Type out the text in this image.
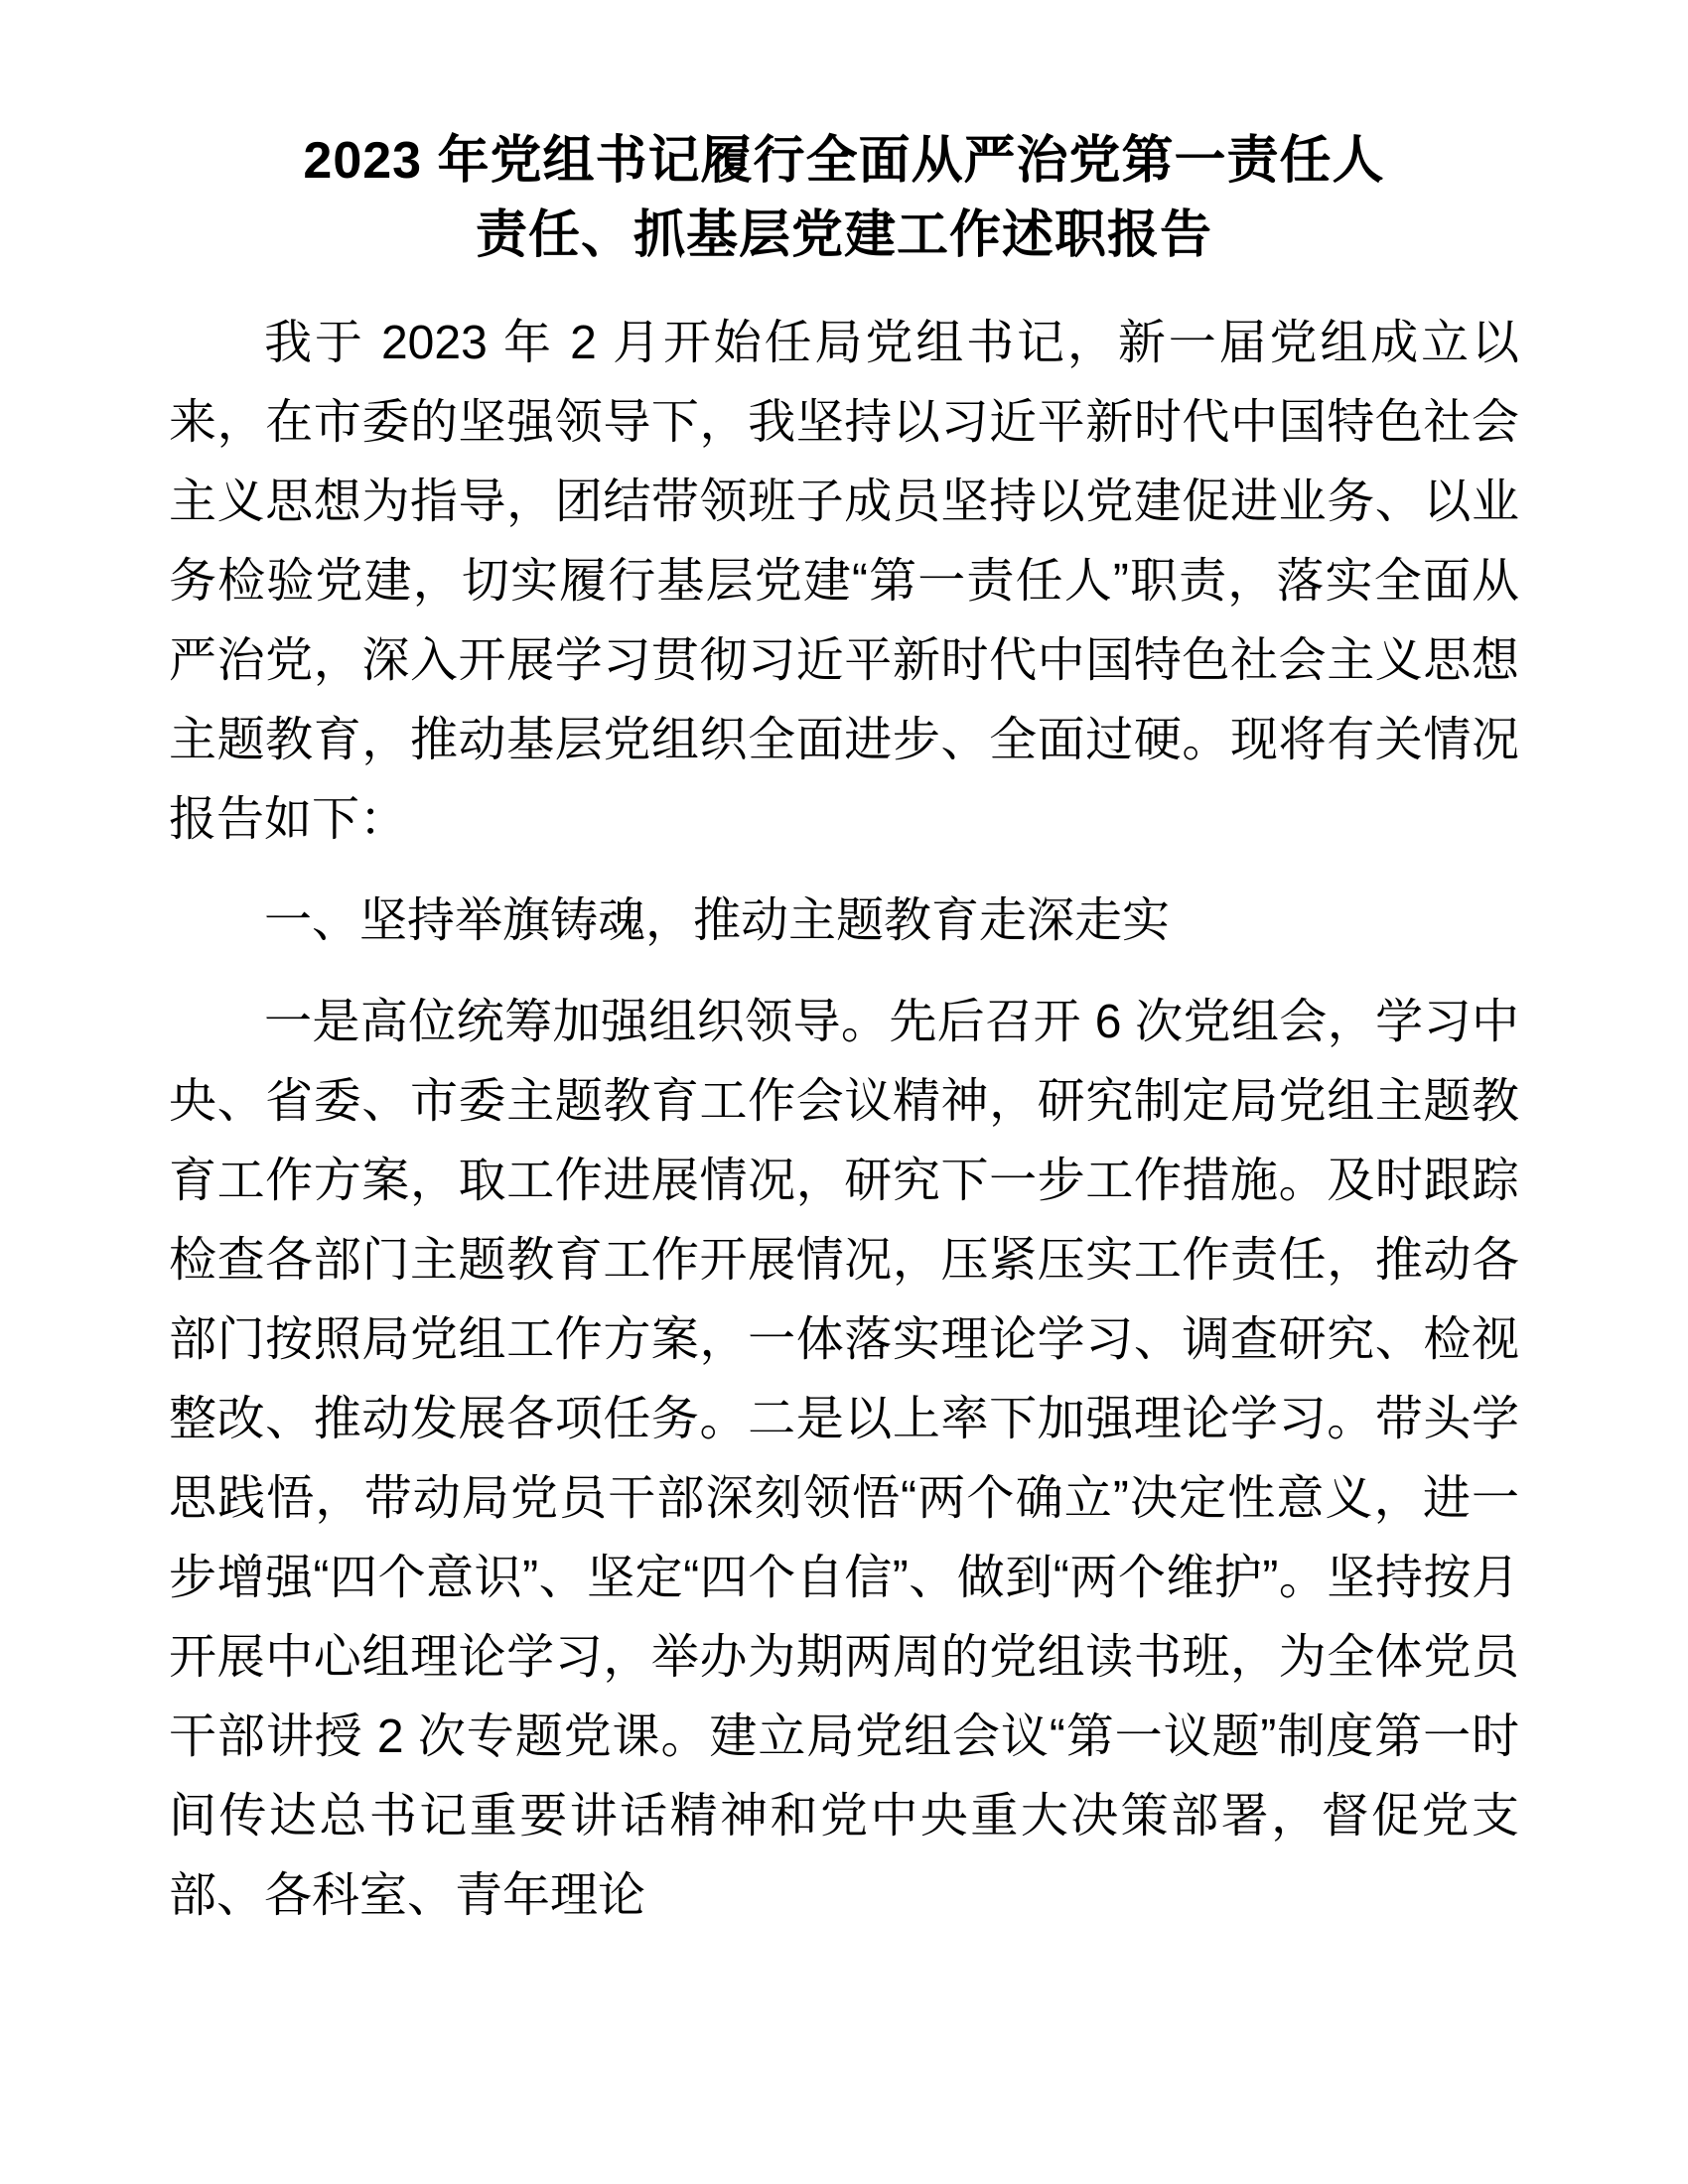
2023 年党组书记履行全面从严治党第一责任人
责任、抓基层党建工作述职报告

我于 2023 年 2 月开始任局党组书记，新一届党组成立以来，在市委的坚强领导下，我坚持以习近平新时代中国特色社会主义思想为指导，团结带领班子成员坚持以党建促进业务、以业务检验党建，切实履行基层党建“第一责任人”职责，落实全面从严治党，深入开展学习贯彻习近平新时代中国特色社会主义思想主题教育，推动基层党组织全面进步、全面过硬。现将有关情况报告如下：

一、坚持举旗铸魂，推动主题教育走深走实

一是高位统筹加强组织领导。先后召开 6 次党组会，学习中央、省委、市委主题教育工作会议精神，研究制定局党组主题教育工作方案，取工作进展情况，研究下一步工作措施。及时跟踪检查各部门主题教育工作开展情况，压紧压实工作责任，推动各部门按照局党组工作方案，一体落实理论学习、调查研究、检视整改、推动发展各项任务。二是以上率下加强理论学习。带头学思践悟，带动局党员干部深刻领悟“两个确立”决定性意义，进一步增强“四个意识”、坚定“四个自信”、做到“两个维护”。坚持按月开展中心组理论学习，举办为期两周的党组读书班，为全体党员干部讲授 2 次专题党课。建立局党组会议“第一议题”制度第一时间传达总书记重要讲话精神和党中央重大决策部署，督促党支部、各科室、青年理论
